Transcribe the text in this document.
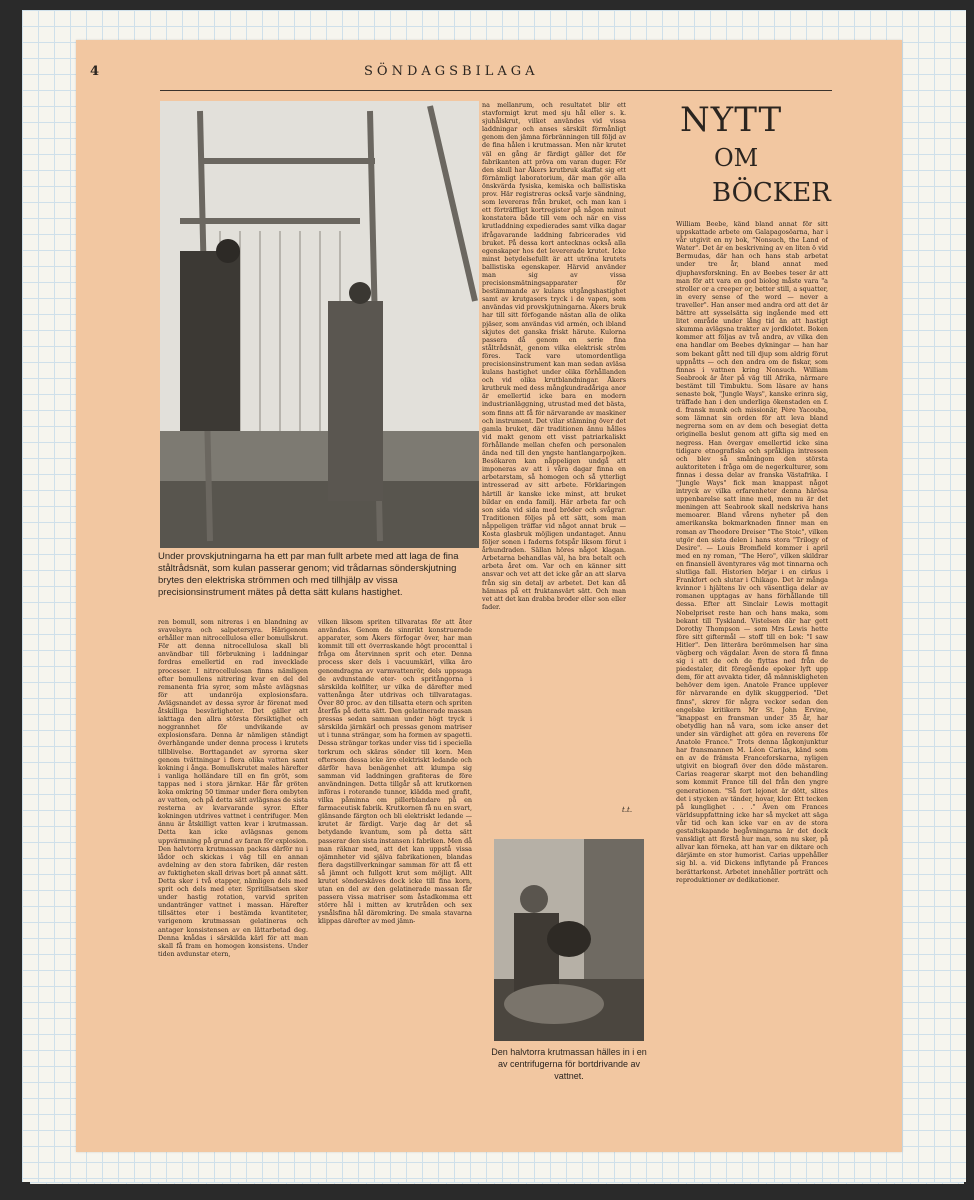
4	SÖNDAGSBILAGA
Under provskjutningarna ha ett par man fullt arbete med att laga de fina ståltrådsnät, som kulan passerar genom; vid trådarnas sönderskjutning brytes den elektriska strömmen och med tillhjälp av vissa precisionsinstrument mätes på detta sätt kulans hastighet.
na mellanrum, och resultatet blir ett stavformigt krut med sju hål eller s. k. sjuhålskrut, vilket användes vid vissa laddningar och anses särskilt förmånligt genom den jämna förbränningen till följd av de fina hålen i krutmassan. Men när krutet väl en gång är färdigt gäller det för fabrikanten att pröva om varan duger. För den skull har Åkers krutbruk skaffat sig ett förnämligt laboratorium, där man gör alla önskvärda fysiska, kemiska och ballistiska prov. Här registreras också varje sändning, som levereras från bruket, och man kan i ett förträffligt kortregister på någon minut konstatera både till vem och när en viss krutladdning expedierades samt vilka dagar ifrågavarande laddning fabricerades vid bruket. På dessa kort antecknas också alla egenskaper hos det levererade krutet. Icke minst betydelsefullt är att utröna krutets ballistiska egenskaper. Härvid använder man sig av vissa precisionsmätningsapparater för bestämmande av kulans utgångshastighet samt av krutgasers tryck i de vapen, som användas vid provskjutningarna. Åkers bruk har till sitt förfogande nästan alla de olika pjäser, som användas vid armén, och ibland skjutes det ganska friskt härute. Kulorna passera då genom en serie fina ståltrådsnät, genom vilka elektrisk ström föres. Tack vare utomordentliga precisionsinstrument kan man sedan avläsa kulans hastighet under olika förhållanden och vid olika krutblandningar. Åkers krutbruk med dess mångkundradåriga anor är emellertid icke bara en modern industrianläggning, utrustad med det bästa, som finns att få för närvarande av maskiner och instrument. Det vilar stämning över det gamla bruket, där traditionen ännu hålles vid makt genom ett visst patriarkaliskt förhållande mellan chefen och personalen ända ned till den yngste hantlangarpojken. Besökaren kan nåppeligen undgå att imponeras av att i våra dagar finna en arbetarstam, så homogen och så ytterligt intresserad av sitt arbete. Förklaringen härtill är kanske icke minst, att bruket bildar en enda familj. Här arbeta far och son sida vid sida med bröder och svågrar. Traditionen följes på ett sätt, som man nåppeligen träffar vid något annat bruk — Kosta glasbruk möjligen undantaget. Annu följer sonen i faderns fotspår liksom förut i århundraden. Sällan höres något klagan. Arbetarna behandlas väl, ha bra betalt och arbeta året om. Var och en känner sitt ansvar och vet att det icke går an att slarva från sig sin detalj av arbetet. Det kan då hämnas på ett fruktansvärt sätt. Och man vet att det kan drabba broder eller son eller fader.
ren bomull, som nitreras i en blandning av svavelsyra och salpetersyra. Härigenom erhåller man nitrocellulosa eller bomullskrut. För att denna nitrocellulosa skall bli användbar till förbrukning i laddningar fordras emellertid en rad invecklade processer. I nitrocellulosan finns nämligen efter bomullens nitrering kvar en del del remanenta fria syror, som måste avlägsnas för att undanröja explosionsfara. Avlägsnandet av dessa syror är förenat med åtskilliga besvärligheter. Det gäller att iakttaga den allra största försiktighet och noggrannhet för undvikande av explosionsfara. Denna är nämligen ständigt överhängande under denna process i krutets tillblivelse. Borttagandet av syrorna sker genom tvättningar i flera olika vatten samt kokning i ånga. Bomullskrutet males härefter i vanliga holländare till en fin gröt, som tappas ned i stora järnkar. Här får gröten koka omkring 50 timmar under flera ombyten av vatten, och på detta sätt avlägsnas de sista resterna av kvarvarande syror. Efter kokningen utdrives vattnet i centrifuger. Men ännu är åtskilligt vatten kvar i krutmassan. Detta kan icke avlägsnas genom uppvärmning på grund av faran för explosion. Den halvtorra krutmassan packas därför nu i lådor och skickas i väg till en annan avdelning av den stora fabriken, där resten av fuktigheten skall drivas bort på annat sätt. Detta sker i två etapper, nämligen dels med sprit och dels med eter. Spritillsatsen sker under hastig rotation, varvid spriten undantränger vattnet i massan. Härefter tillsättes eter i bestämda kvantiteter, varigenom krutmassan gelatineras och antager konsistensen av en lättarbetad deg. Denna knådas i särskilda kärl för att man skall få fram en homogen konsistens. Under tiden avdunstar etern,
vilken liksom spriten tillvaratas för att åter användas. Genom de sinnrikt konstruerade apparater, som Åkers förfogar över, har man kommit till ett överraskande högt procenttal i fråga om återvinnen sprit och eter. Denna process sker dels i vacuumkärl, vilka äro genomdragna av varmvattenrör, dels uppsuga de avdunstande eter- och spritångorna i särskilda kolfilter, ur vilka de därefter med vattenånga åter utdrivas och tillvaratagas. Över 80 proc. av den tillsatta etern och spriten återfås på detta sätt. Den gelatinerade massan pressas sedan samman under högt tryck i särskilda järnkärl och pressas genom matriser ut i tunna strängar, som ha formen av spagetti. Dessa strängar torkas under viss tid i speciella torkrum och skäras sönder till korn. Men eftersom dessa icke äro elektriskt ledande och därför hava benägenhet att klumpa sig samman vid laddningen grafiteras de före användningen. Detta tillgår så att krutkornen införas i roterande tunnor, klädda med grafit, vilka påminna om pillerblandare på en farmaceutisk fabrik. Krutkornen få nu en svart, glänsande färgton och bli elektriskt ledande — krutet är färdigt. Varje dag är det så betydande kvantum, som på detta sätt passerar den sista instansen i fabriken. Men då man räknar med, att det kan uppstå vissa ojämnheter vid själva fabrikationen, blandas flera dagstillverkningar samman för att få ett så jämnt och fullgott krut som möjligt. Allt krutet sönderskäves dock icke till fina korn, utan en del av den gelatinerade massan får passera vissa matriser som åstadkomma ett större hål i mitten av krutråden och sex ysnålsfina hål däromkring. De smala stavarna klippas därefter av med jämn-
t.t.
Den halvtorra krutmassan hälles in i en av centrifugerna för bortdrivande av vattnet.
NYTT
OM
BÖCKER
William Beebe, känd bland annat för sitt uppskattade arbete om Galapagosöarna, har i vår utgivit en ny bok, "Nonsuch, the Land of Water". Det är en beskrivning av en liten ö vid Bermudas, där han och hans stab arbetat under tre år, bland annat med djuphavsforskning. En av Beebes teser är att man för att vara en god biolog måste vara "a stroller or a creeper or, better still, a squatter, in every sense of the word — never a traveller". Han anser med andra ord att det är bättre att sysselsätta sig ingående med ett litet område under lång tid än att hastigt skumma avlägsna trakter av jordklotet. Boken kommer att följas av två andra, av vilka den ena handlar om Beebes dykningar — han har som bekant gått ned till djup som aldrig förut uppnåtts — och den andra om de fiskar, som finnas i vattnen kring Nonsuch. William Seabrook är åter på väg till Afrika, närmare bestämt till Timbuktu. Som läsare av hans senaste bok, "Jungle Ways", kanske erinra sig, träffade han i den underliga ökenstaden en f. d. fransk munk och missionär, Père Yacouba, som lämnat sin orden för att leva bland negrerna som en av dem och besegiat detta originella beslut genom att gifta sig med en negress. Han övergav emellertid icke sina tidigare etnografiska och språkliga intressen och blev så småningom den största auktoriteten i fråga om de negerkulturer, som finnas i dessa delar av franska Västafrika. I "Jungle Ways" fick man knappast något intryck av vilka erfarenheter denna härösa uppenbarelse satt inne med, men nu är det meningen att Seabrook skall nedskriva hans memoarer. Bland vårens nyheter på den amerikanska bokmarknaden finner man en roman av Theodore Dreiser "The Stoic", vilken utgör den sista delen i hans stora "Trilogy of Desire". — Louis Bromfield kommer i april med en ny roman, "The Hero", vilken skildrar en finansiell äventyrares väg mot tinnarna och slutliga fall. Historien börjar i en cirkus i Frankfort och slutar i Chikago. Det är många kvinnor i hjältens liv och väsentliga delar av romanen upptagas av hans förhållande till dessa. Efter att Sinclair Lewis mottagit Nobelpriset reste han och hans maka, som bekant till Tyskland. Vistelsen där har gett Dorothy Thompson — som Mrs Lewis hette före sitt giftermål — stoff till en bok: "I saw Hitler". Den litterära berömmelsen har sina vägberg och vägdalar. Även de stora få finna sig i att de och de flyttas ned från de piedestaler, dit föregående epoker lyft upp dem, för att avvakta tider, då människligheten behöver dem igen. Anatole France upplever för närvarande en dylik skuggperiod. "Det finns", skrev för några veckor sedan den engelske kritikern Mr St. John Ervine, "knappast en fransman under 35 år, har obetydlig han nå vara, som icke anser det under sin värdighet att göra en reverens för Anatole France." Trots denna lågkonjunktur har fransmannen M. Léon Carias, känd som en av de främsta Franceforskarna, nyligen utgivit en biografi över den döde mästaren. Carias reagerar skarpt mot den behandling som kommit France till del från den yngre generationen. "Så fort lejonet är dött, slites det i stycken av tänder, hovar, klor. Ett tecken på kunglighet . . ." Även om Frances världsuppfattning icke har så mycket att säga vår tid och kan icke var en av de stora gestaltskapande begåvningarna är det dock vanskligt att förstå hur man, som nu sker, på allvar kan förneka, att han var en diktare och därjämte en stor humorist. Carias uppehåller sig bl. a. vid Dickens inflytande på Frances berättarkonst. Arbetet innehåller porträtt och reproduktioner av dedikationer.
